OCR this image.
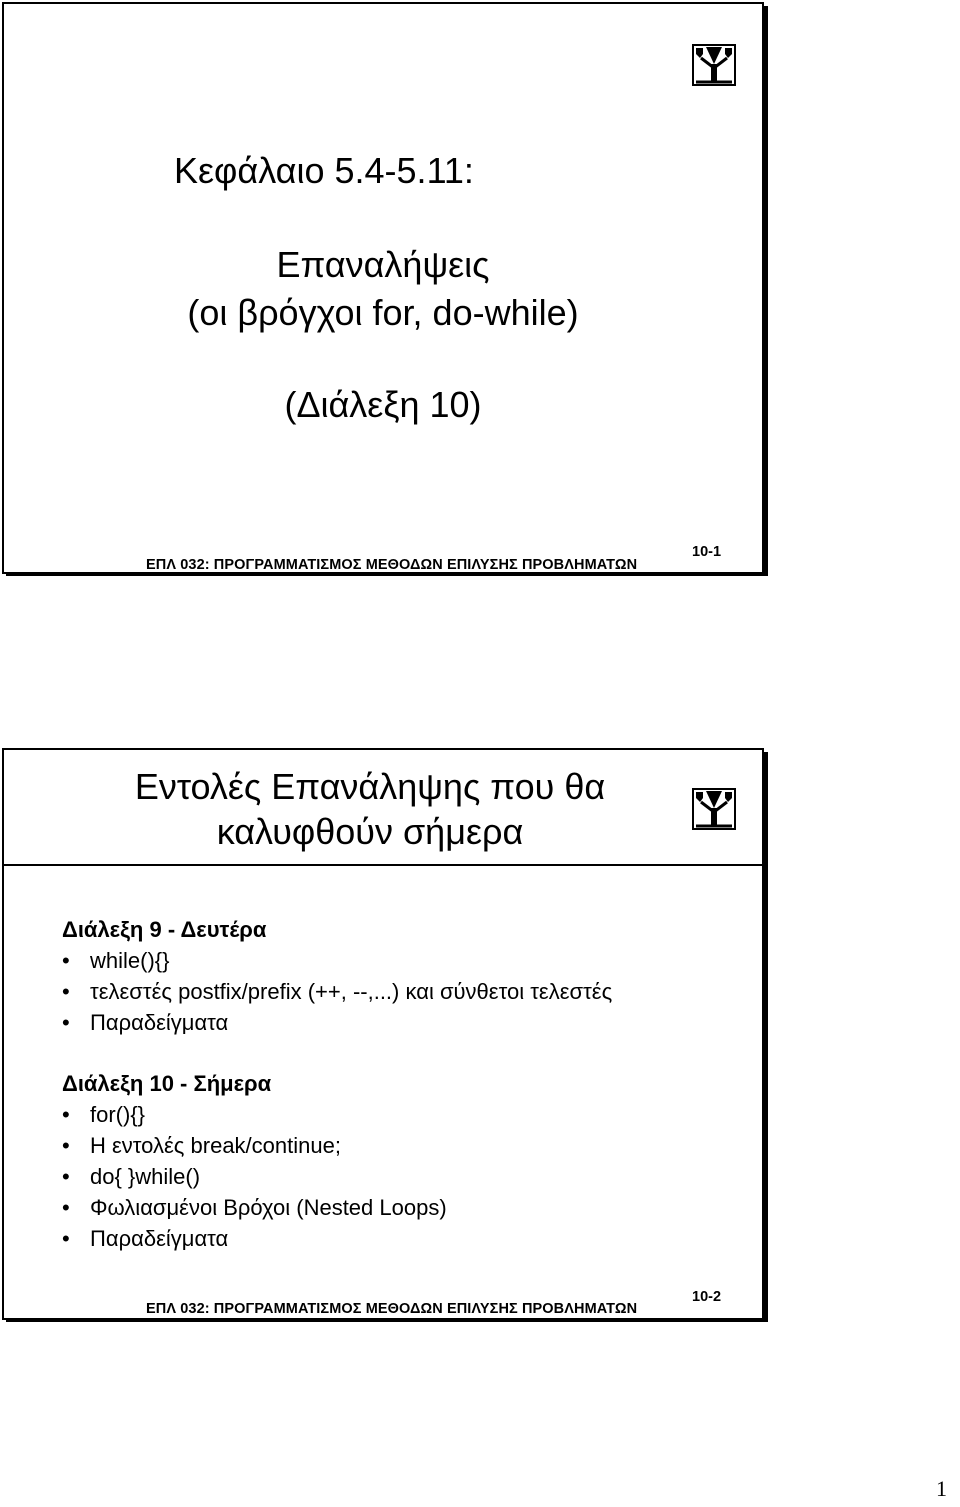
Κεφάλαιο 5.4-5.11:
Επαναλήψεις
(οι βρόγχοι for, do-while)
(Διάλεξη 10)
ΕΠΛ 032: ΠΡΟΓΡΑΜΜΑΤΙΣΜΟΣ ΜΕΘΟΔΩΝ ΕΠΙΛΥΣΗΣ ΠΡΟΒΛΗΜΑΤΩΝ
10-1
Εντολές Επανάληψης που θα
καλυφθούν σήμερα
Διάλεξη 9 - Δευτέρα
• while(){}
• τελεστές postfix/prefix (++, --,...) και σύνθετοι τελεστές
• Παραδείγματα
Διάλεξη 10 - Σήμερα
• for(){}
• Η εντολές break/continue;
• do{ }while()
• Φωλιασμένοι Βρόχοι (Nested Loops)
• Παραδείγματα
ΕΠΛ 032: ΠΡΟΓΡΑΜΜΑΤΙΣΜΟΣ ΜΕΘΟΔΩΝ ΕΠΙΛΥΣΗΣ ΠΡΟΒΛΗΜΑΤΩΝ
10-2
1
